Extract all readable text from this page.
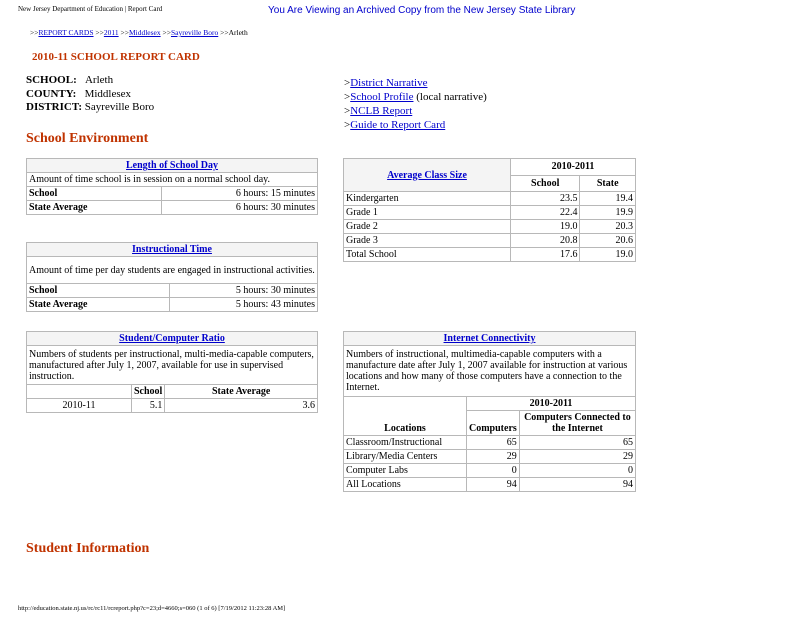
New Jersey Department of Education | Report Card	You Are Viewing an Archived Copy from the New Jersey State Library
>>REPORT CARDS >>2011 >>Middlesex >>Sayreville Boro >>Arleth
2010-11 SCHOOL REPORT CARD
SCHOOL: Arleth
COUNTY: Middlesex
DISTRICT: Sayreville Boro
>District Narrative
>School Profile (local narrative)
>NCLB Report
>Guide to Report Card
School Environment
Length of School Day	
Amount of time school is in session on a normal school day.	
School	6 hours: 15 minutes
State Average	6 hours: 30 minutes
Instructional Time	
Amount of time per day students are engaged in instructional activities.	
School	5 hours: 30 minutes
State Average	5 hours: 43 minutes
Student/Computer Ratio		
Numbers of students per instructional, multi-media-capable computers, manufactured after July 1, 2007, available for use in supervised instruction.		
	School	State Average
2010-11	5.1	3.6
Average Class Size	2010-2011	
	School	State
Kindergarten	23.5	19.4
Grade 1	22.4	19.9
Grade 2	19.0	20.3
Grade 3	20.8	20.6
Total School	17.6	19.0
Internet Connectivity		
Numbers of instructional, multimedia-capable computers with a manufacture date after July 1, 2007 available for instruction at various locations and how many of those computers have a connection to the Internet.		
Locations	2010-2011	
	Computers	Computers Connected to the Internet
Classroom/Instructional	65	65
Library/Media Centers	29	29
Computer Labs	0	0
All Locations	94	94
Student Information
http://education.state.nj.us/rc/rc11/rcreport.php?c=23;d=4660;s=060 (1 of 6) [7/19/2012 11:23:28 AM]
